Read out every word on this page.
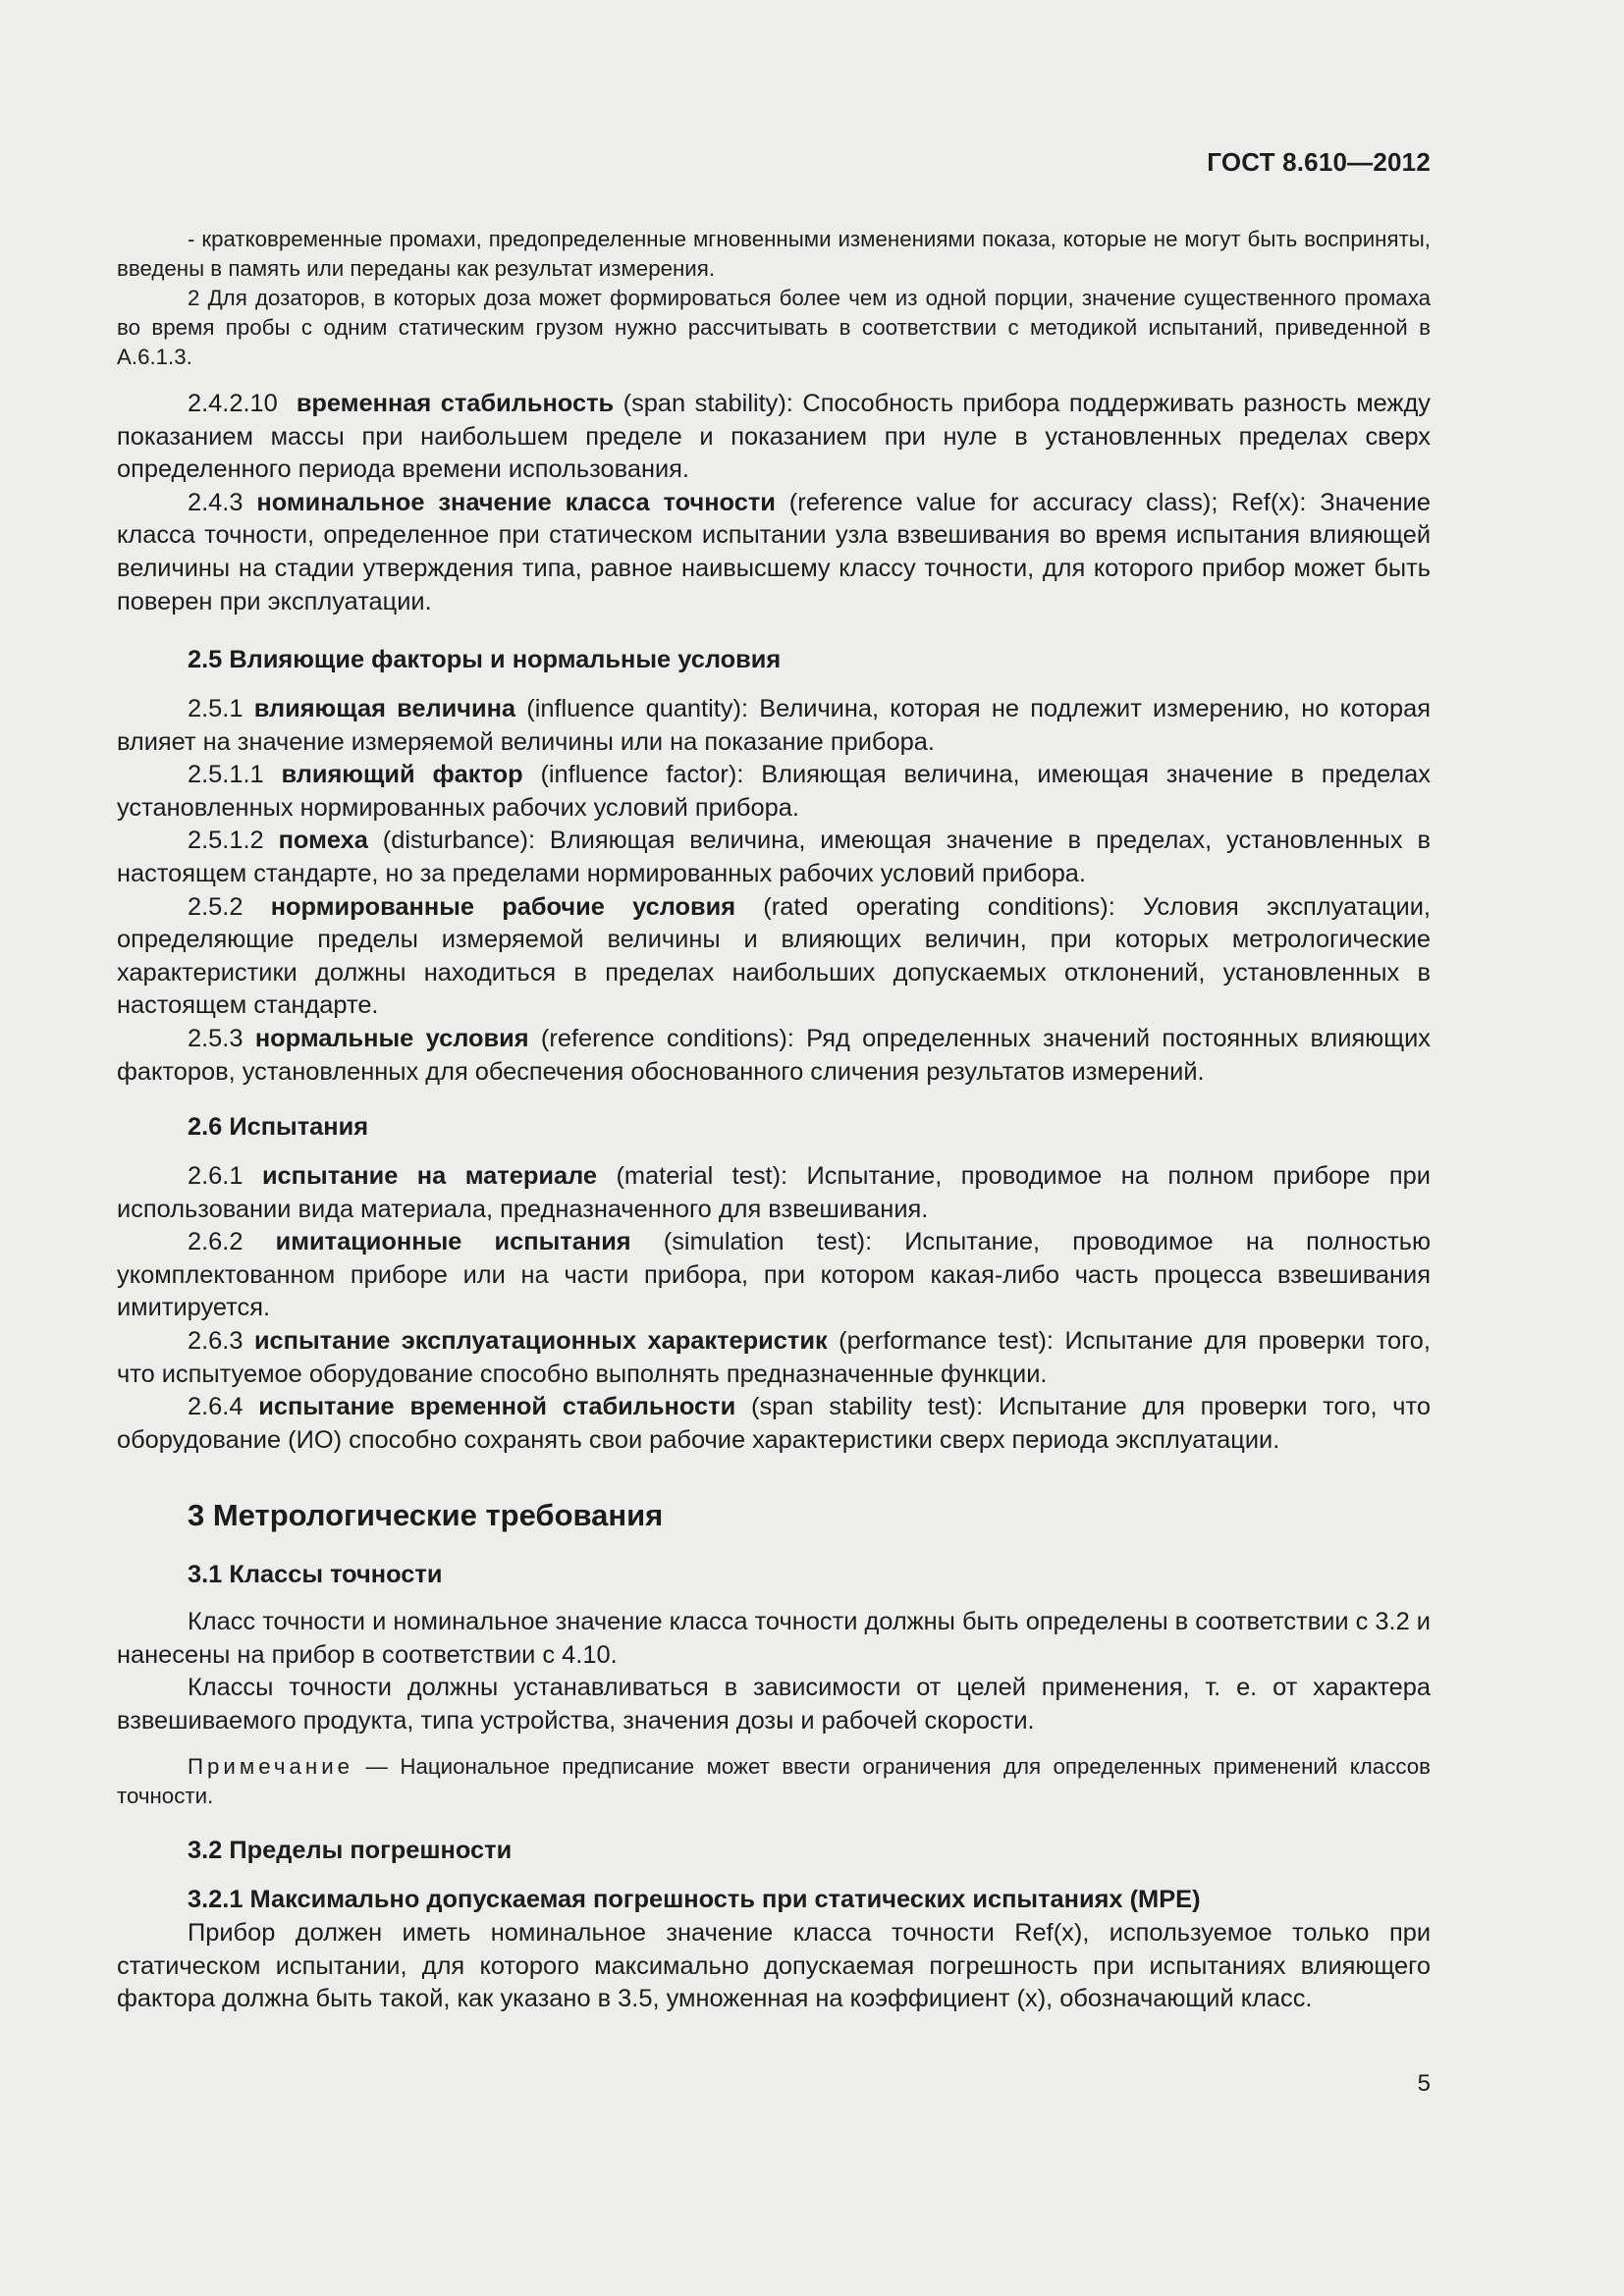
ГОСТ 8.610—2012

- кратковременные промахи, предопределенные мгновенными изменениями показа, которые не могут быть восприняты, введены в память или переданы как результат измерения.

2 Для дозаторов, в которых доза может формироваться более чем из одной порции, значение существенного промаха во время пробы с одним статическим грузом нужно рассчитывать в соответствии с методикой испытаний, приведенной в А.6.1.3.

2.4.2.10 временная стабильность (span stability): Способность прибора поддерживать разность между показанием массы при наибольшем пределе и показанием при нуле в установленных пределах сверх определенного периода времени использования.

2.4.3 номинальное значение класса точности (reference value for accuracy class); Ref(x): Значение класса точности, определенное при статическом испытании узла взвешивания во время испытания влияющей величины на стадии утверждения типа, равное наивысшему классу точности, для которого прибор может быть поверен при эксплуатации.

2.5 Влияющие факторы и нормальные условия

2.5.1 влияющая величина (influence quantity): Величина, которая не подлежит измерению, но которая влияет на значение измеряемой величины или на показание прибора.

2.5.1.1 влияющий фактор (influence factor): Влияющая величина, имеющая значение в пределах установленных нормированных рабочих условий прибора.

2.5.1.2 помеха (disturbance): Влияющая величина, имеющая значение в пределах, установленных в настоящем стандарте, но за пределами нормированных рабочих условий прибора.

2.5.2 нормированные рабочие условия (rated operating conditions): Условия эксплуатации, определяющие пределы измеряемой величины и влияющих величин, при которых метрологические характеристики должны находиться в пределах наибольших допускаемых отклонений, установленных в настоящем стандарте.

2.5.3 нормальные условия (reference conditions): Ряд определенных значений постоянных влияющих факторов, установленных для обеспечения обоснованного сличения результатов измерений.

2.6 Испытания

2.6.1 испытание на материале (material test): Испытание, проводимое на полном приборе при использовании вида материала, предназначенного для взвешивания.

2.6.2 имитационные испытания (simulation test): Испытание, проводимое на полностью укомплектованном приборе или на части прибора, при котором какая-либо часть процесса взвешивания имитируется.

2.6.3 испытание эксплуатационных характеристик (performance test): Испытание для проверки того, что испытуемое оборудование способно выполнять предназначенные функции.

2.6.4 испытание временной стабильности (span stability test): Испытание для проверки того, что оборудование (ИО) способно сохранять свои рабочие характеристики сверх периода эксплуатации.

3 Метрологические требования
3.1 Классы точности

Класс точности и номинальное значение класса точности должны быть определены в соответствии с 3.2 и нанесены на прибор в соответствии с 4.10.

Классы точности должны устанавливаться в зависимости от целей применения, т. е. от характера взвешиваемого продукта, типа устройства, значения дозы и рабочей скорости.

Примечание — Национальное предписание может ввести ограничения для определенных применений классов точности.

3.2 Пределы погрешности
3.2.1 Максимально допускаемая погрешность при статических испытаниях (МРЕ)

Прибор должен иметь номинальное значение класса точности Ref(x), используемое только при статическом испытании, для которого максимально допускаемая погрешность при испытаниях влияющего фактора должна быть такой, как указано в 3.5, умноженная на коэффициент (x), обозначающий класс.

5
